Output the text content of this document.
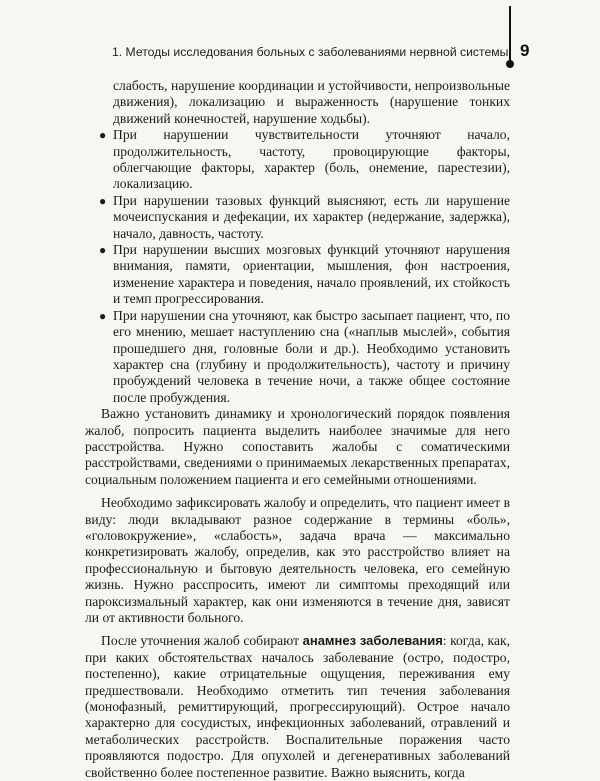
1. Методы исследования больных с заболеваниями нервной системы 9

слабость, нарушение координации и устойчивости, непроизвольные движения), локализацию и выраженность (нарушение тонких движений конечностей, нарушение ходьбы).

● При нарушении чувствительности уточняют начало, продолжительность, частоту, провоцирующие факторы, облегчающие факторы, характер (боль, онемение, парестезии), локализацию.
● При нарушении тазовых функций выясняют, есть ли нарушение мочеиспускания и дефекации, их характер (недержание, задержка), начало, давность, частоту.
● При нарушении высших мозговых функций уточняют нарушения внимания, памяти, ориентации, мышления, фон настроения, изменение характера и поведения, начало проявлений, их стойкость и темп прогрессирования.
● При нарушении сна уточняют, как быстро засыпает пациент, что, по его мнению, мешает наступлению сна («наплыв мыслей», события прошедшего дня, головные боли и др.). Необходимо установить характер сна (глубину и продолжительность), частоту и причину пробуждений человека в течение ночи, а также общее состояние после пробуждения.

Важно установить динамику и хронологический порядок появления жалоб, попросить пациента выделить наиболее значимые для него расстройства. Нужно сопоставить жалобы с соматическими расстройствами, сведениями о принимаемых лекарственных препаратах, социальным положением пациента и его семейными отношениями.

Необходимо зафиксировать жалобу и определить, что пациент имеет в виду: люди вкладывают разное содержание в термины «боль», «головокружение», «слабость», задача врача — максимально конкретизировать жалобу, определив, как это расстройство влияет на профессиональную и бытовую деятельность человека, его семейную жизнь. Нужно расспросить, имеют ли симптомы преходящий или пароксизмальный характер, как они изменяются в течение дня, зависят ли от активности больного.

После уточнения жалоб собирают анамнез заболевания: когда, как, при каких обстоятельствах началось заболевание (остро, подостро, постепенно), какие отрицательные ощущения, переживания ему предшествовали. Необходимо отметить тип течения заболевания (монофазный, ремиттирующий, прогрессирующий). Острое начало характерно для сосудистых, инфекционных заболеваний, отравлений и метаболических расстройств. Воспалительные поражения часто проявляются подостро. Для опухолей и дегенеративных заболеваний свойственно более постепенное развитие. Важно выяснить, когда
